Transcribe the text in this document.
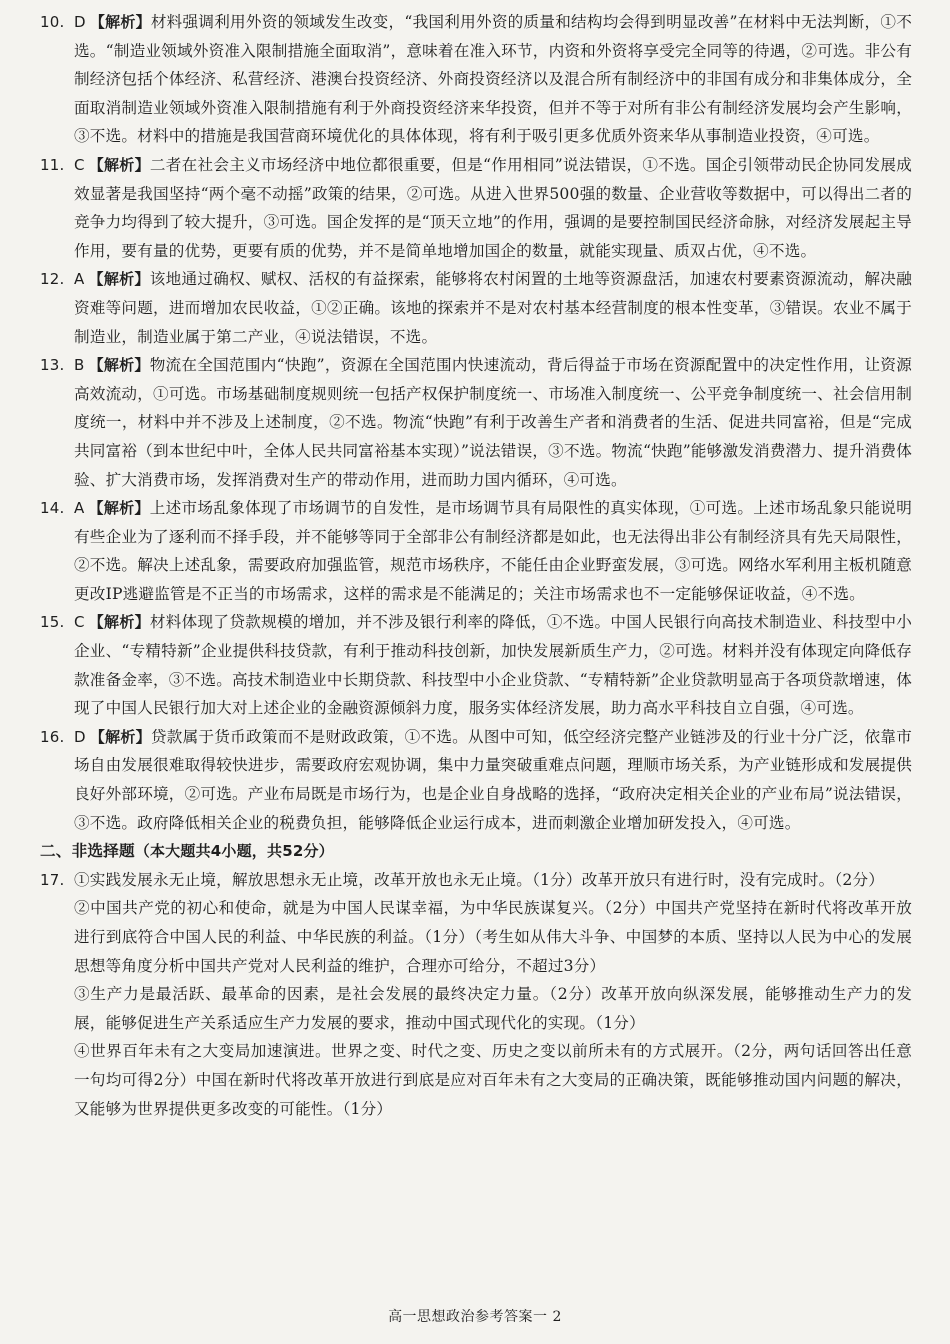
10. D 【解析】材料强调利用外资的领域发生改变，“我国利用外资的质量和结构均会得到明显改善”在材料中无法判断，①不选。“制造业领域外资准入限制措施全面取消”，意味着在准入环节，内资和外资将享受完全同等的待遇，②可选。非公有制经济包括个体经济、私营经济、港澳台投资经济、外商投资经济以及混合所有制经济中的非国有成分和非集体成分，全面取消制造业领域外资准入限制措施有利于外商投资经济来华投资，但并不等于对所有非公有制经济发展均会产生影响，③不选。材料中的措施是我国营商环境优化的具体体现，将有利于吸引更多优质外资来华从事制造业投资，④可选。
11. C 【解析】二者在社会主义市场经济中地位都很重要，但是“作用相同”说法错误，①不选。国企引领带动民企协同发展成效显著是我国坚持“两个毫不动摇”政策的结果，②可选。从进入世界500强的数量、企业营收等数据中，可以得出二者的竞争力均得到了较大提升，③可选。国企发挥的是“顶天立地”的作用，强调的是要控制国民经济命脉，对经济发展起主导作用，要有量的优势，更要有质的优势，并不是简单地增加国企的数量，就能实现量、质双占优，④不选。
12. A 【解析】该地通过确权、赋权、活权的有益探索，能够将农村闲置的土地等资源盘活，加速农村要素资源流动，解决融资难等问题，进而增加农民收益，①②正确。该地的探索并不是对农村基本经营制度的根本性变革，③错误。农业不属于制造业，制造业属于第二产业，④说法错误，不选。
13. B 【解析】物流在全国范围内“快跑”，资源在全国范围内快速流动，背后得益于市场在资源配置中的决定性作用，让资源高效流动，①可选。市场基础制度规则统一包括产权保护制度统一、市场准入制度统一、公平竞争制度统一、社会信用制度统一，材料中并不涉及上述制度，②不选。物流“快跑”有利于改善生产者和消费者的生活、促进共同富裕，但是“完成共同富裕（到本世纪中叶，全体人民共同富裕基本实现）”说法错误，③不选。物流“快跑”能够激发消费潜力、提升消费体验、扩大消费市场，发挥消费对生产的带动作用，进而助力国内循环，④可选。
14. A 【解析】上述市场乱象体现了市场调节的自发性，是市场调节具有局限性的真实体现，①可选。上述市场乱象只能说明有些企业为了逐利而不择手段，并不能够等同于全部非公有制经济都是如此，也无法得出非公有制经济具有先天局限性，②不选。解决上述乱象，需要政府加强监管，规范市场秩序，不能任由企业野蛮发展，③可选。网络水军利用主板机随意更改IP逃避监管是不正当的市场需求，这样的需求是不能满足的；关注市场需求也不一定能够保证收益，④不选。
15. C 【解析】材料体现了贷款规模的增加，并不涉及银行利率的降低，①不选。中国人民银行向高技术制造业、科技型中小企业、“专精特新”企业提供科技贷款，有利于推动科技创新，加快发展新质生产力，②可选。材料并没有体现定向降低存款准备金率，③不选。高技术制造业中长期贷款、科技型中小企业贷款、“专精特新”企业贷款明显高于各项贷款增速，体现了中国人民银行加大对上述企业的金融资源倾斜力度，服务实体经济发展，助力高水平科技自立自强，④可选。
16. D 【解析】贷款属于货币政策而不是财政政策，①不选。从图中可知，低空经济完整产业链涉及的行业十分广泛，依靠市场自由发展很难取得较快进步，需要政府宏观协调，集中力量突破重难点问题，理顺市场关系，为产业链形成和发展提供良好外部环境，②可选。产业布局既是市场行为，也是企业自身战略的选择，“政府决定相关企业的产业布局”说法错误，③不选。政府降低相关企业的税费负担，能够降低企业运行成本，进而刺激企业增加研发投入，④可选。
二、非选择题（本大题共4小题，共52分）
17. ①实践发展永无止境，解放思想永无止境，改革开放也永无止境。（1分）改革开放只有进行时，没有完成时。（2分）
②中国共产党的初心和使命，就是为中国人民谋幸福，为中华民族谋复兴。（2分）中国共产党坚持在新时代将改革开放进行到底符合中国人民的利益、中华民族的利益。（1分）（考生如从伟大斗争、中国梦的本质、坚持以人民为中心的发展思想等角度分析中国共产党对人民利益的维护，合理亦可给分，不超过3分）
③生产力是最活跃、最革命的因素，是社会发展的最终决定力量。（2分）改革开放向纵深发展，能够推动生产力的发展，能够促进生产关系适应生产力发展的要求，推动中国式现代化的实现。（1分）
④世界百年未有之大变局加速演进。世界之变、时代之变、历史之变以前所未有的方式展开。（2分，两句话回答出任意一句均可得2分）中国在新时代将改革开放进行到底是应对百年未有之大变局的正确决策，既能够推动国内问题的解决，又能够为世界提供更多改变的可能性。（1分）
高一思想政治参考答案一 2
